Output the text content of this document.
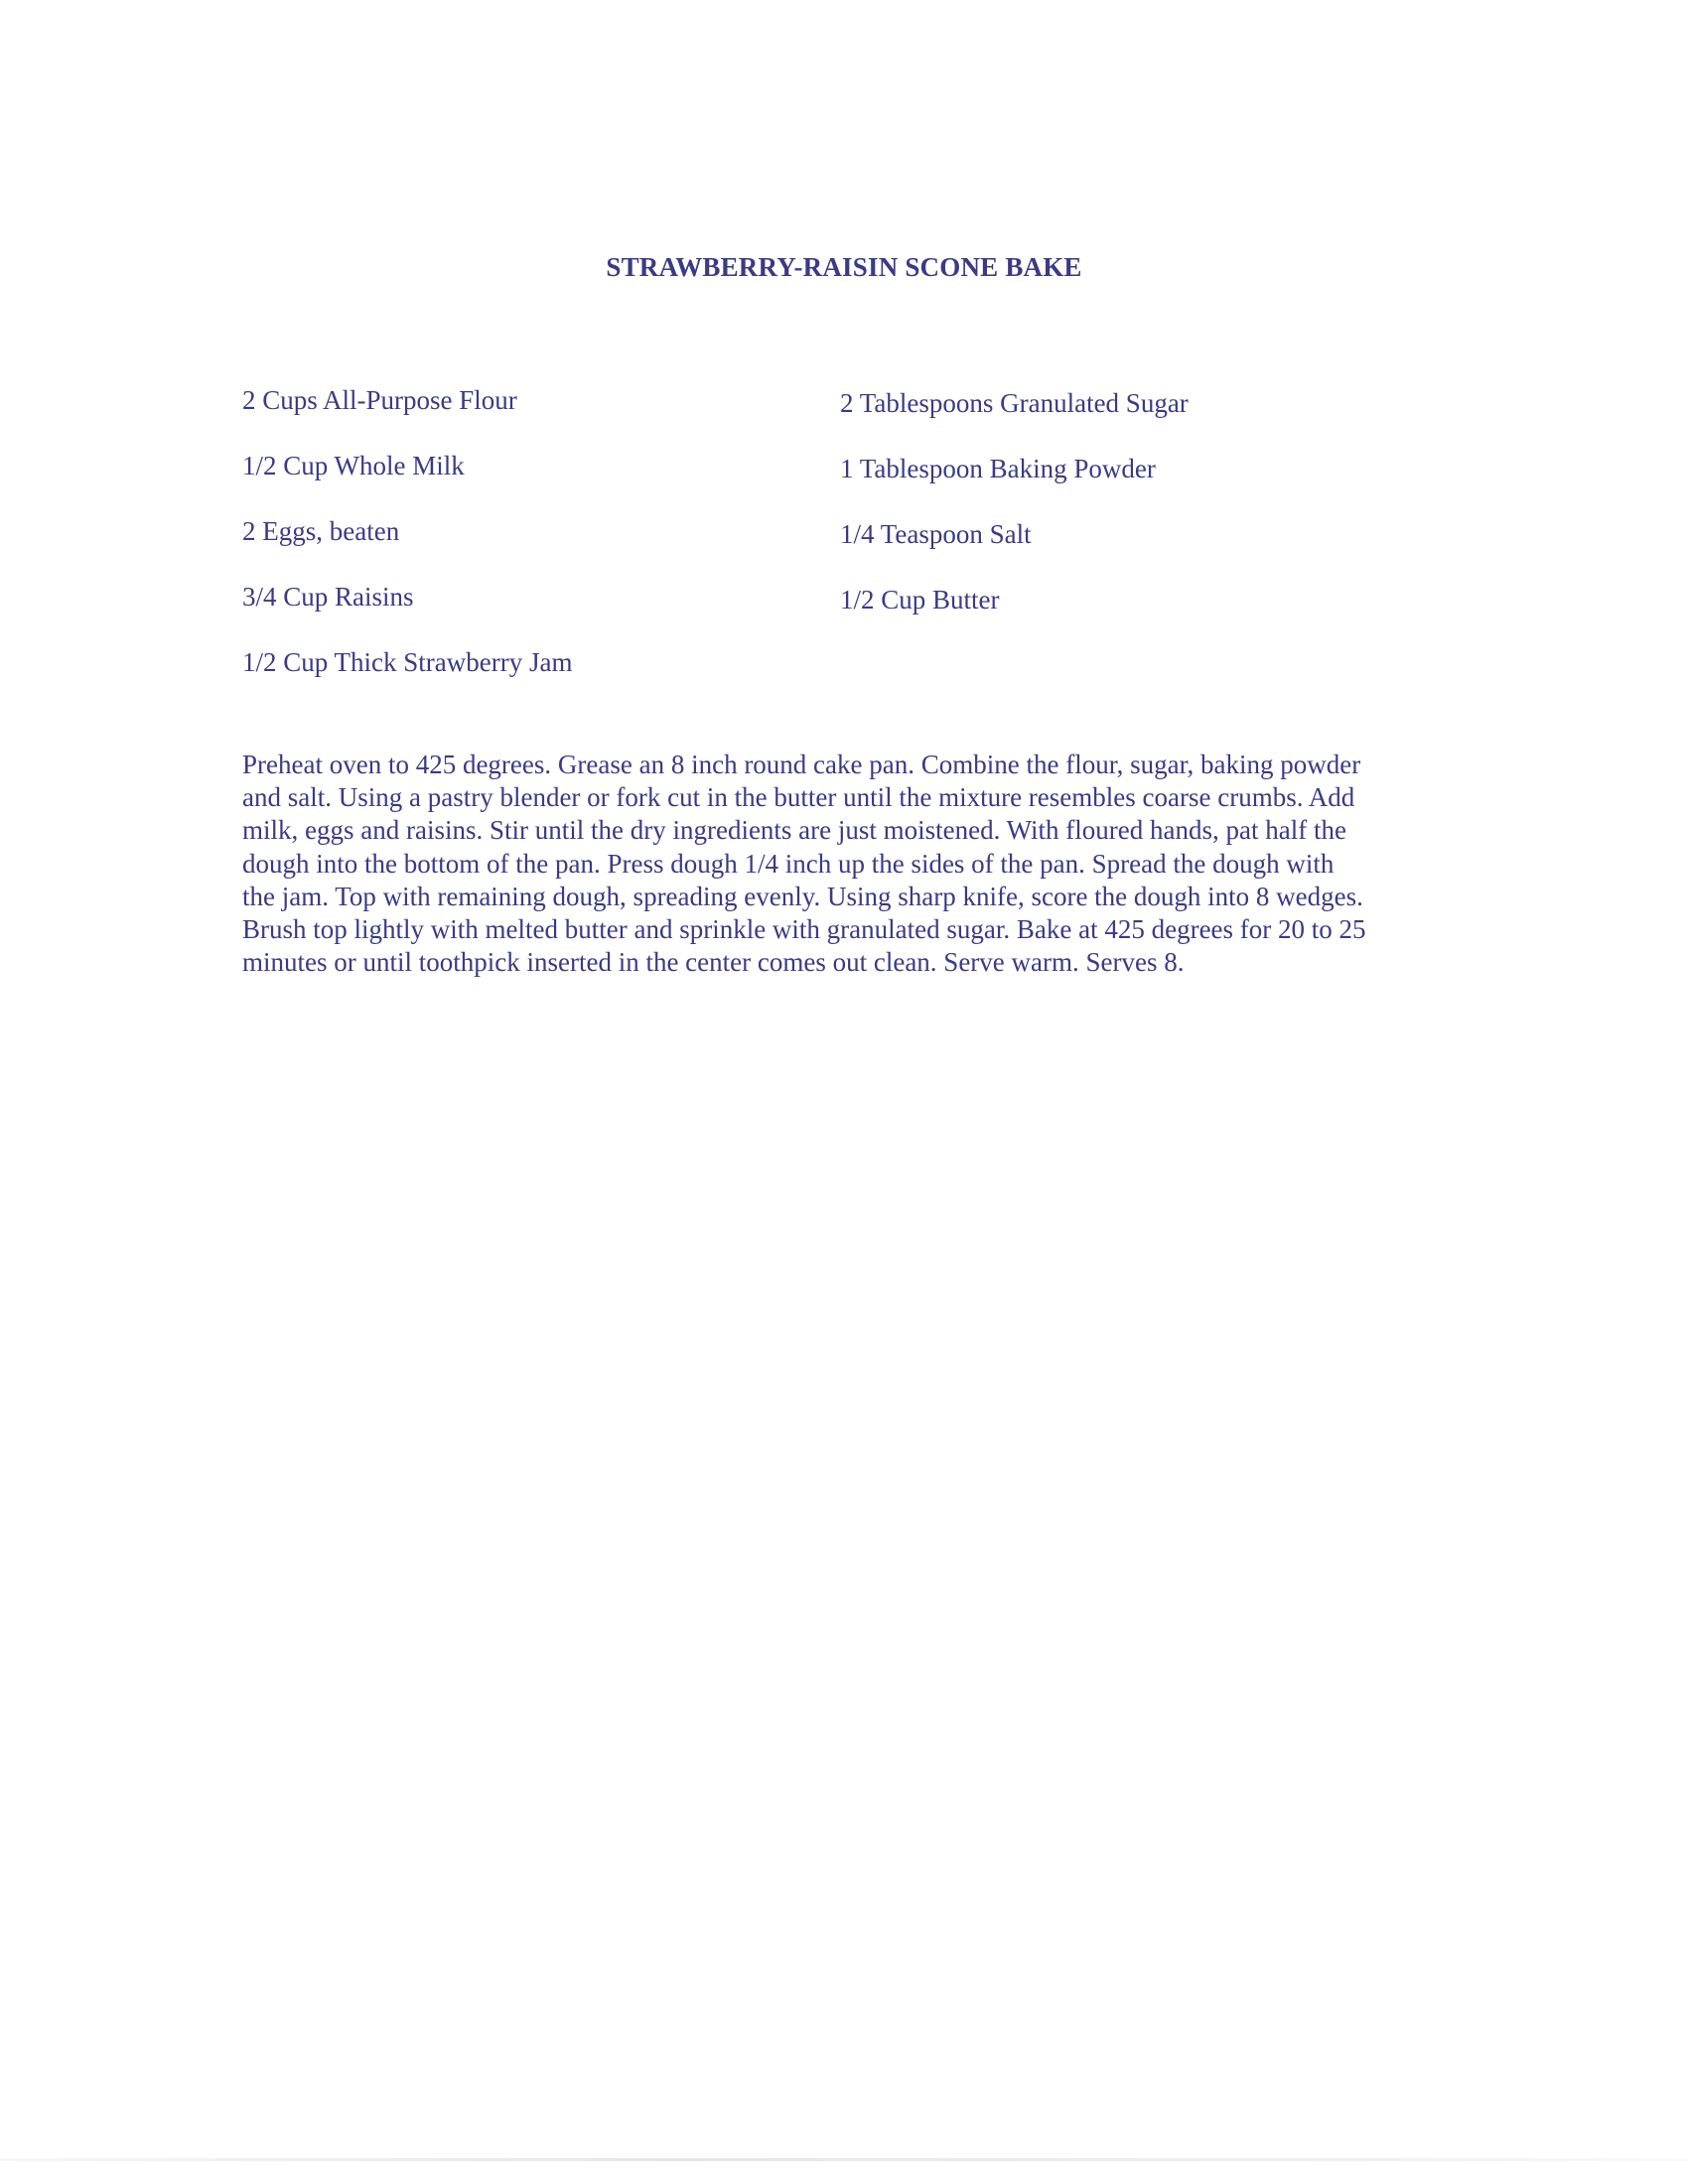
STRAWBERRY-RAISIN SCONE BAKE
2 Cups All-Purpose Flour
1/2 Cup Whole Milk
2 Eggs, beaten
3/4 Cup Raisins
1/2 Cup Thick Strawberry Jam
2 Tablespoons Granulated Sugar
1 Tablespoon Baking Powder
1/4 Teaspoon Salt
1/2 Cup Butter
Preheat oven to 425 degrees. Grease an 8 inch round cake pan. Combine the flour, sugar, baking powder
and salt. Using a pastry blender or fork cut in the butter until the mixture resembles coarse crumbs. Add
milk, eggs and raisins. Stir until the dry ingredients are just moistened. With floured hands, pat half the
dough into the bottom of the pan. Press dough 1/4 inch up the sides of the pan. Spread the dough with
the jam. Top with remaining dough, spreading evenly. Using sharp knife, score the dough into 8 wedges.
Brush top lightly with melted butter and sprinkle with granulated sugar. Bake at 425 degrees for 20 to 25
minutes or until toothpick inserted in the center comes out clean. Serve warm. Serves 8.
